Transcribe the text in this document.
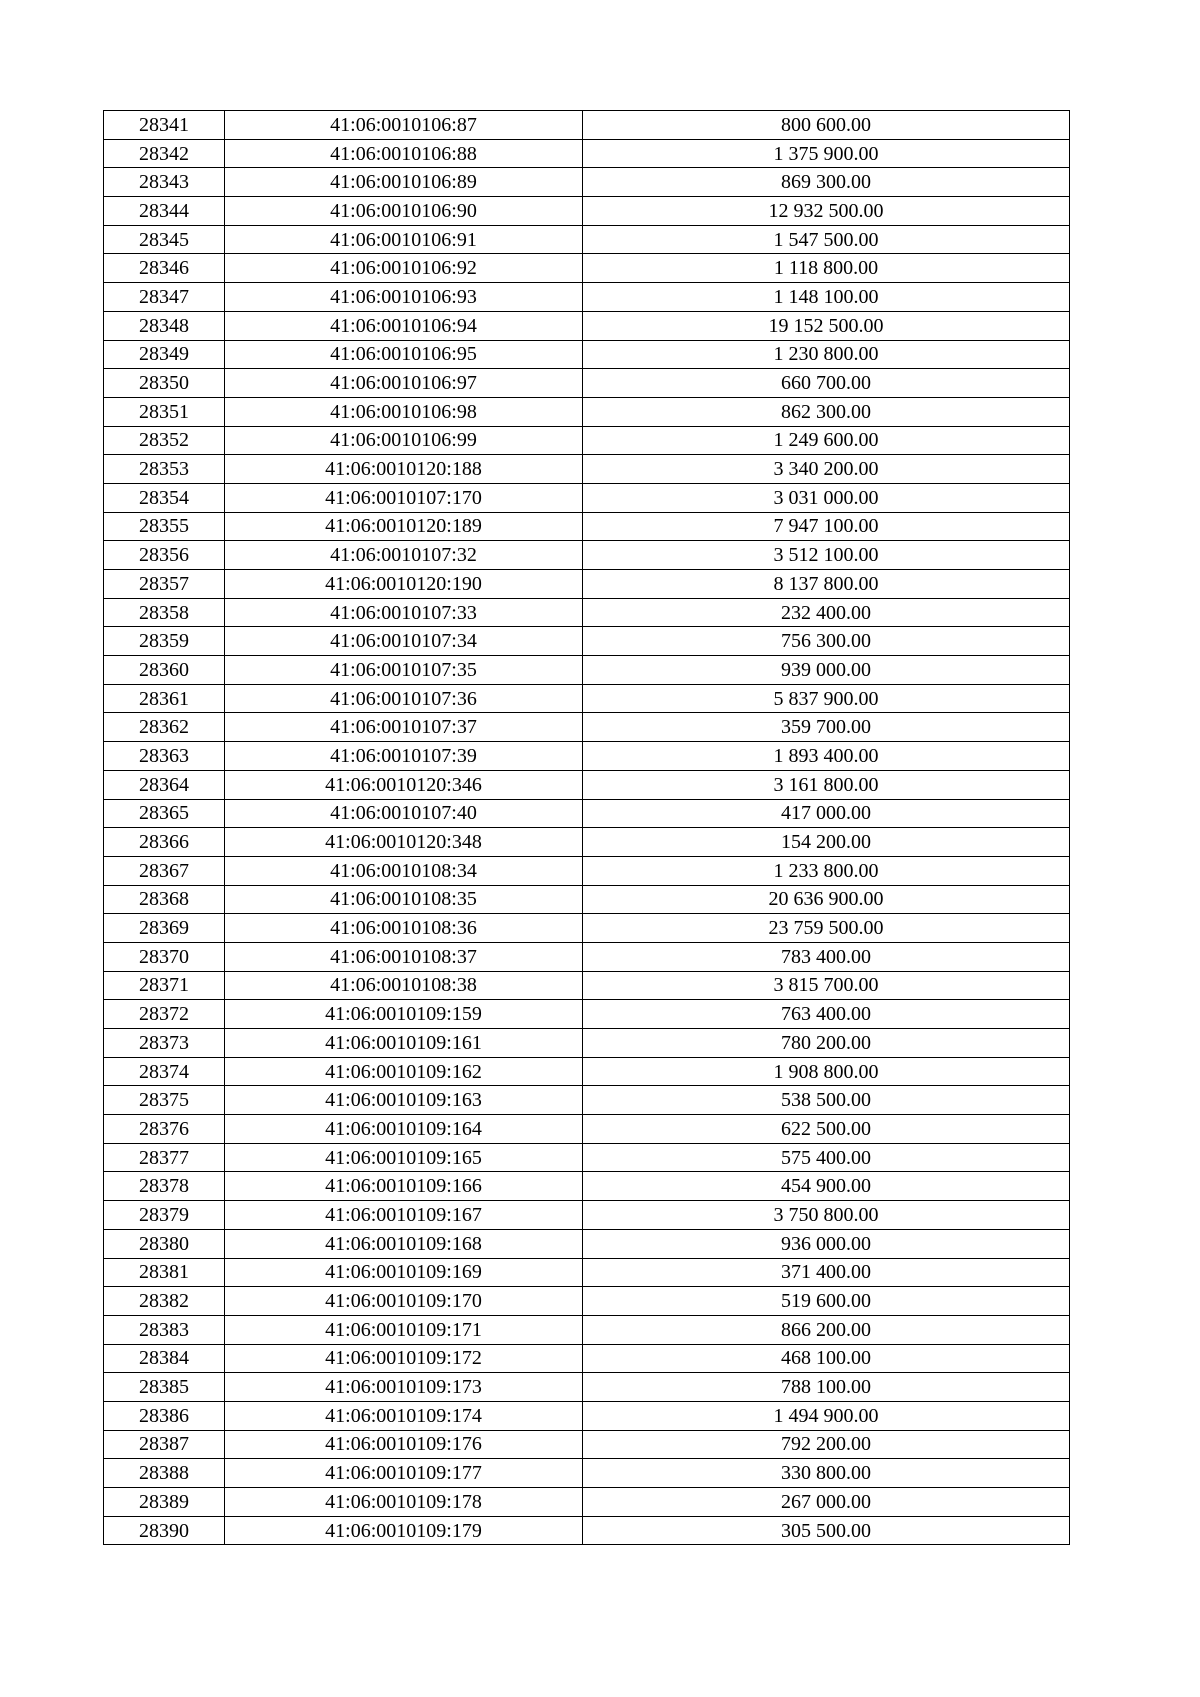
28341	41:06:0010106:87	800 600.00
28342	41:06:0010106:88	1 375 900.00
28343	41:06:0010106:89	869 300.00
28344	41:06:0010106:90	12 932 500.00
28345	41:06:0010106:91	1 547 500.00
28346	41:06:0010106:92	1 118 800.00
28347	41:06:0010106:93	1 148 100.00
28348	41:06:0010106:94	19 152 500.00
28349	41:06:0010106:95	1 230 800.00
28350	41:06:0010106:97	660 700.00
28351	41:06:0010106:98	862 300.00
28352	41:06:0010106:99	1 249 600.00
28353	41:06:0010120:188	3 340 200.00
28354	41:06:0010107:170	3 031 000.00
28355	41:06:0010120:189	7 947 100.00
28356	41:06:0010107:32	3 512 100.00
28357	41:06:0010120:190	8 137 800.00
28358	41:06:0010107:33	232 400.00
28359	41:06:0010107:34	756 300.00
28360	41:06:0010107:35	939 000.00
28361	41:06:0010107:36	5 837 900.00
28362	41:06:0010107:37	359 700.00
28363	41:06:0010107:39	1 893 400.00
28364	41:06:0010120:346	3 161 800.00
28365	41:06:0010107:40	417 000.00
28366	41:06:0010120:348	154 200.00
28367	41:06:0010108:34	1 233 800.00
28368	41:06:0010108:35	20 636 900.00
28369	41:06:0010108:36	23 759 500.00
28370	41:06:0010108:37	783 400.00
28371	41:06:0010108:38	3 815 700.00
28372	41:06:0010109:159	763 400.00
28373	41:06:0010109:161	780 200.00
28374	41:06:0010109:162	1 908 800.00
28375	41:06:0010109:163	538 500.00
28376	41:06:0010109:164	622 500.00
28377	41:06:0010109:165	575 400.00
28378	41:06:0010109:166	454 900.00
28379	41:06:0010109:167	3 750 800.00
28380	41:06:0010109:168	936 000.00
28381	41:06:0010109:169	371 400.00
28382	41:06:0010109:170	519 600.00
28383	41:06:0010109:171	866 200.00
28384	41:06:0010109:172	468 100.00
28385	41:06:0010109:173	788 100.00
28386	41:06:0010109:174	1 494 900.00
28387	41:06:0010109:176	792 200.00
28388	41:06:0010109:177	330 800.00
28389	41:06:0010109:178	267 000.00
28390	41:06:0010109:179	305 500.00
